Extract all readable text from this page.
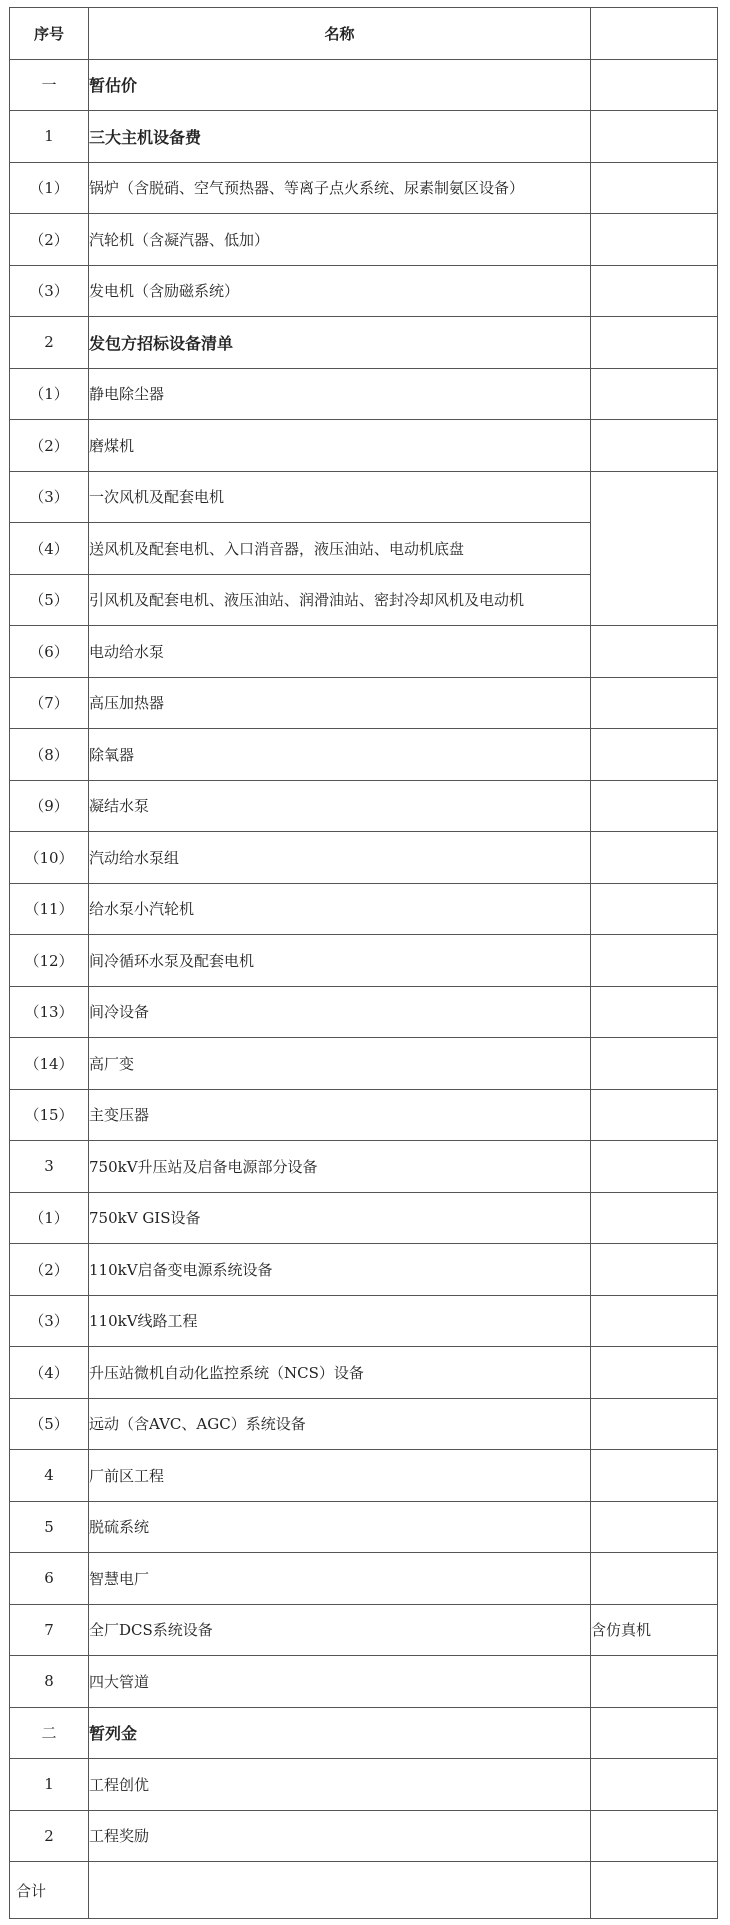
序号	名称	
一	暂估价	
1	三大主机设备费	
（1）	锅炉（含脱硝、空气预热器、等离子点火系统、尿素制氨区设备）	
（2）	汽轮机（含凝汽器、低加）	
（3）	发电机（含励磁系统）	
2	发包方招标设备清单	
（1）	静电除尘器	
（2）	磨煤机	
（3）	一次风机及配套电机	
（4）	送风机及配套电机、入口消音器，液压油站、电动机底盘	
（5）	引风机及配套电机、液压油站、润滑油站、密封冷却风机及电动机	
（6）	电动给水泵	
（7）	高压加热器	
（8）	除氧器	
（9）	凝结水泵	
（10）	汽动给水泵组	
（11）	给水泵小汽轮机	
（12）	间冷循环水泵及配套电机	
（13）	间冷设备	
（14）	高厂变	
（15）	主变压器	
3	750kV升压站及启备电源部分设备	
（1）	750kV GIS设备	
（2）	110kV启备变电源系统设备	
（3）	110kV线路工程	
（4）	升压站微机自动化监控系统（NCS）设备	
（5）	远动（含AVC、AGC）系统设备	
4	厂前区工程	
5	脱硫系统	
6	智慧电厂	
7	全厂DCS系统设备	含仿真机
8	四大管道	
二	暂列金	
1	工程创优	
2	工程奖励	
合计		
